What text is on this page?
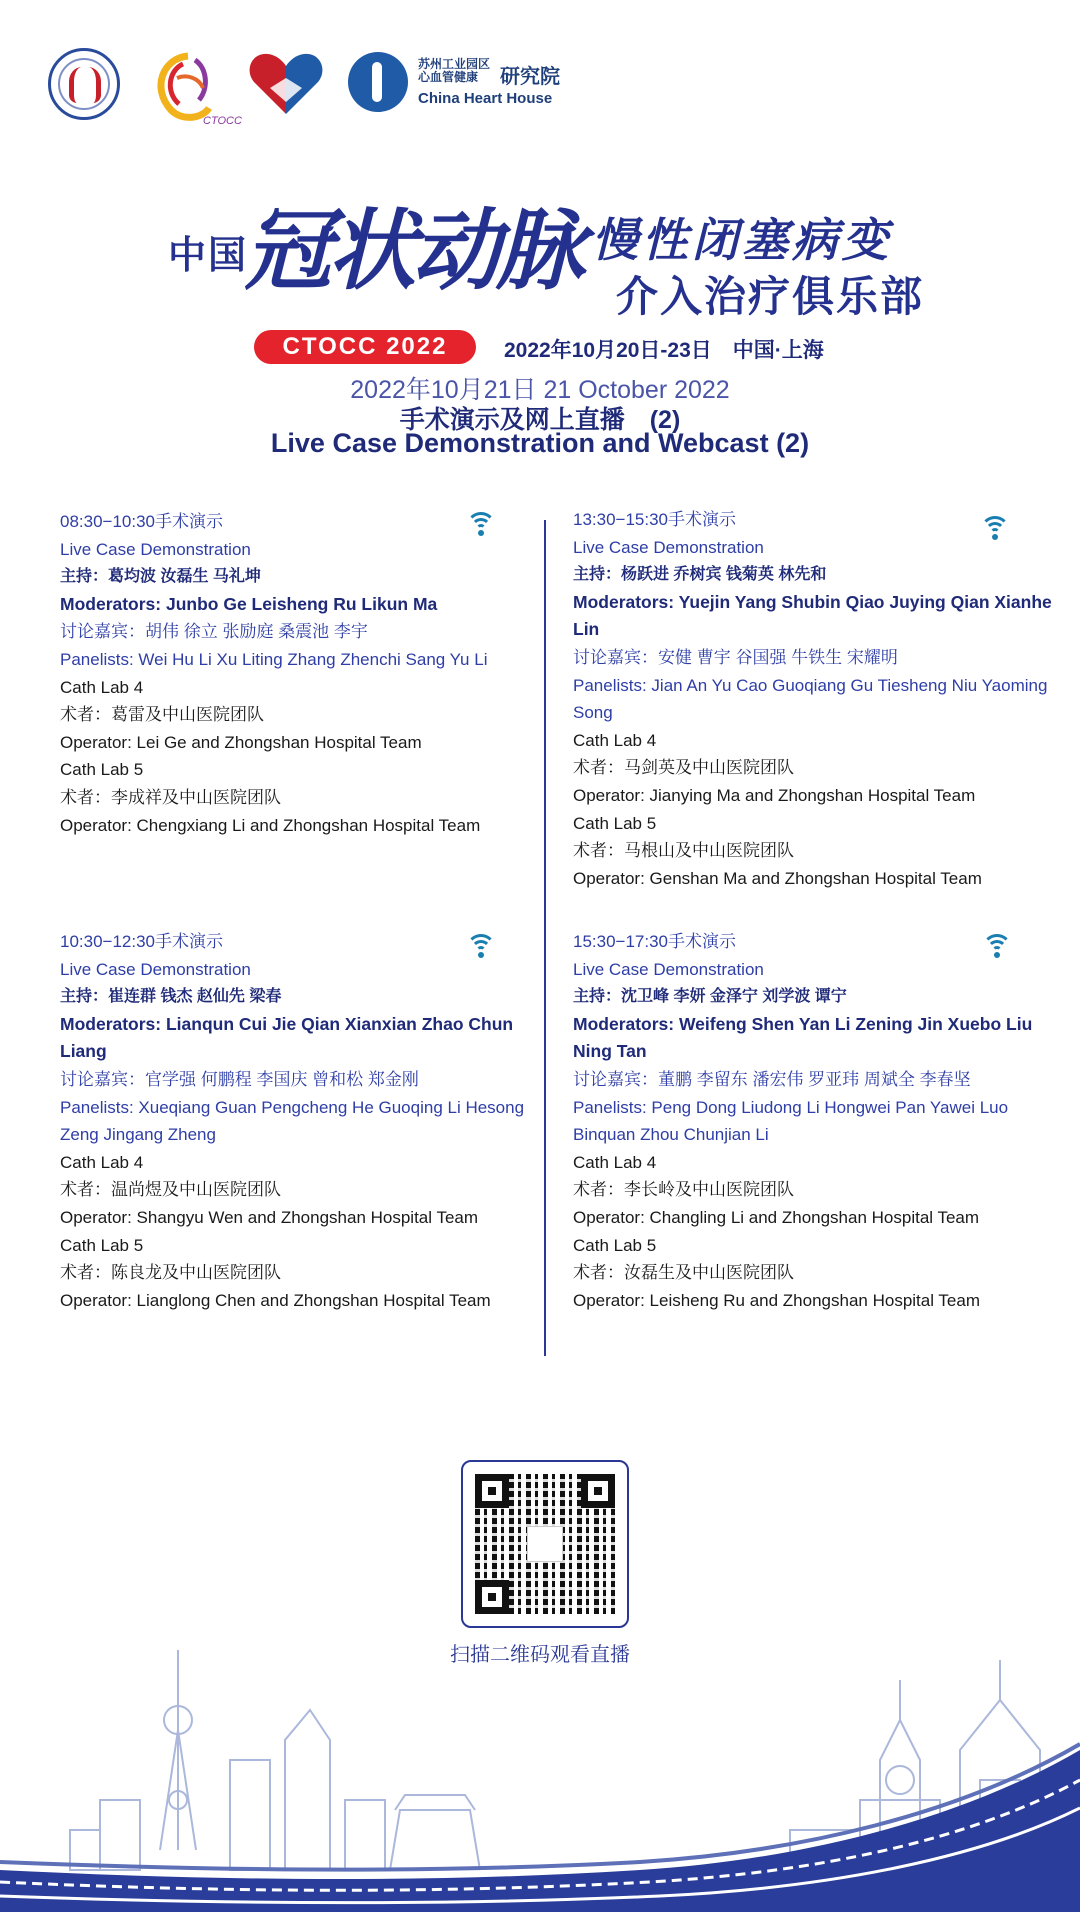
CTOCC
苏州工业园区心血管健康	研究院
China Heart House
中国
冠状动脉 慢性闭塞病变
介入治疗俱乐部
CTOCC 2022	2022年10月20日-23日　中国·上海
2022年10月21日 21 October 2022
手术演示及网上直播　(2)
Live Case Demonstration and Webcast (2)
08:30−10:30手术演示
Live Case Demonstration
主持：葛均波 汝磊生 马礼坤
Moderators: Junbo Ge Leisheng Ru Likun Ma
讨论嘉宾：胡伟 徐立 张励庭 桑震池 李宇
Panelists: Wei Hu Li Xu Liting Zhang Zhenchi Sang Yu Li
Cath Lab 4
术者：葛雷及中山医院团队
Operator: Lei Ge and Zhongshan Hospital Team
Cath Lab 5
术者：李成祥及中山医院团队
Operator: Chengxiang Li and Zhongshan Hospital Team
13:30−15:30手术演示
Live Case Demonstration
主持：杨跃进 乔树宾 钱菊英 林先和
Moderators: Yuejin Yang Shubin Qiao Juying Qian Xianhe Lin
讨论嘉宾：安健 曹宇 谷国强 牛铁生 宋耀明
Panelists: Jian An Yu Cao Guoqiang Gu Tiesheng Niu Yaoming Song
Cath Lab 4
术者：马剑英及中山医院团队
Operator: Jianying Ma and Zhongshan Hospital Team
Cath Lab 5
术者：马根山及中山医院团队
Operator: Genshan Ma and Zhongshan Hospital Team
10:30−12:30手术演示
Live Case Demonstration
主持：崔连群 钱杰 赵仙先 梁春
Moderators: Lianqun Cui Jie Qian Xianxian Zhao Chun Liang
讨论嘉宾：官学强 何鹏程 李国庆 曾和松 郑金刚
Panelists: Xueqiang Guan Pengcheng He Guoqing Li Hesong Zeng Jingang Zheng
Cath Lab 4
术者：温尚煜及中山医院团队
Operator: Shangyu Wen and Zhongshan Hospital Team
Cath Lab 5
术者：陈良龙及中山医院团队
Operator: Lianglong Chen and Zhongshan Hospital Team
15:30−17:30手术演示
Live Case Demonstration
主持：沈卫峰 李妍 金泽宁 刘学波 谭宁
Moderators: Weifeng Shen Yan Li Zening Jin Xuebo Liu Ning Tan
讨论嘉宾：董鹏 李留东 潘宏伟 罗亚玮 周斌全 李春坚
Panelists: Peng Dong Liudong Li Hongwei Pan Yawei Luo Binquan Zhou Chunjian Li
Cath Lab 4
术者：李长岭及中山医院团队
Operator: Changling Li and Zhongshan Hospital Team
Cath Lab 5
术者：汝磊生及中山医院团队
Operator: Leisheng Ru and Zhongshan Hospital Team
扫描二维码观看直播
